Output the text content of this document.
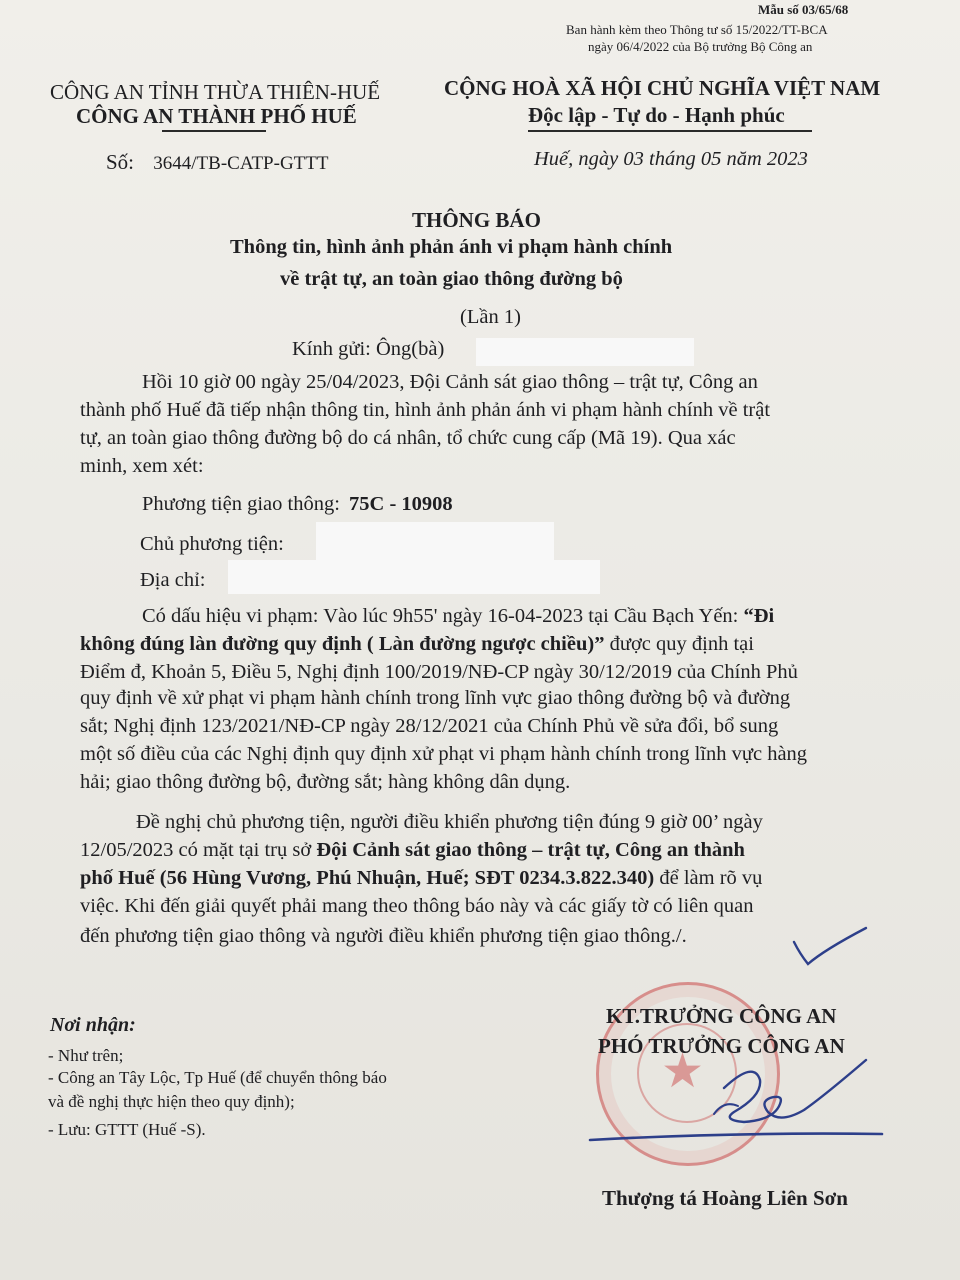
Mẫu số 03/65/68
Ban hành kèm theo Thông tư số 15/2022/TT-BCA
ngày 06/4/2022 của Bộ trưởng Bộ Công an
CÔNG AN TỈNH THỪA THIÊN-HUẾ
CÔNG AN THÀNH PHỐ HUẾ
Số: 3644/TB-CATP-GTTT
CỘNG HOÀ XÃ HỘI CHỦ NGHĨA VIỆT NAM
Độc lập - Tự do - Hạnh phúc
Huế, ngày 03 tháng 05 năm 2023
THÔNG BÁO
Thông tin, hình ảnh phản ánh vi phạm hành chính
về trật tự, an toàn giao thông đường bộ
(Lần 1)
Kính gửi: Ông(bà)
Hồi 10 giờ 00 ngày 25/04/2023, Đội Cảnh sát giao thông – trật tự, Công an
thành phố Huế đã tiếp nhận thông tin, hình ảnh phản ánh vi phạm hành chính về trật
tự, an toàn giao thông đường bộ do cá nhân, tổ chức cung cấp (Mã 19). Qua xác
minh, xem xét:
Phương tiện giao thông: 75C - 10908
Chủ phương tiện:
Địa chỉ:
Có dấu hiệu vi phạm: Vào lúc 9h55' ngày 16-04-2023 tại Cầu Bạch Yến: “Đi
không đúng làn đường quy định ( Làn đường ngược chiều)” được quy định tại
Điểm đ, Khoản 5, Điều 5, Nghị định 100/2019/NĐ-CP ngày 30/12/2019 của Chính Phủ
quy định về xử phạt vi phạm hành chính trong lĩnh vực giao thông đường bộ và đường
sắt; Nghị định 123/2021/NĐ-CP ngày 28/12/2021 của Chính Phủ về sửa đổi, bổ sung
một số điều của các Nghị định quy định xử phạt vi phạm hành chính trong lĩnh vực hàng
hải; giao thông đường bộ, đường sắt; hàng không dân dụng.
Đề nghị chủ phương tiện, người điều khiển phương tiện đúng 9 giờ 00’ ngày
12/05/2023 có mặt tại trụ sở Đội Cảnh sát giao thông – trật tự, Công an thành
phố Huế (56 Hùng Vương, Phú Nhuận, Huế; SĐT 0234.3.822.340) để làm rõ vụ
việc. Khi đến giải quyết phải mang theo thông báo này và các giấy tờ có liên quan
đến phương tiện giao thông và người điều khiển phương tiện giao thông./.
Nơi nhận:
- Như trên;
- Công an Tây Lộc, Tp Huế (để chuyển thông báo
và đề nghị thực hiện theo quy định);
- Lưu: GTTT (Huế -S).
★
KT.TRƯỞNG CÔNG AN
PHÓ TRƯỞNG CÔNG AN
Thượng tá Hoàng Liên Sơn
